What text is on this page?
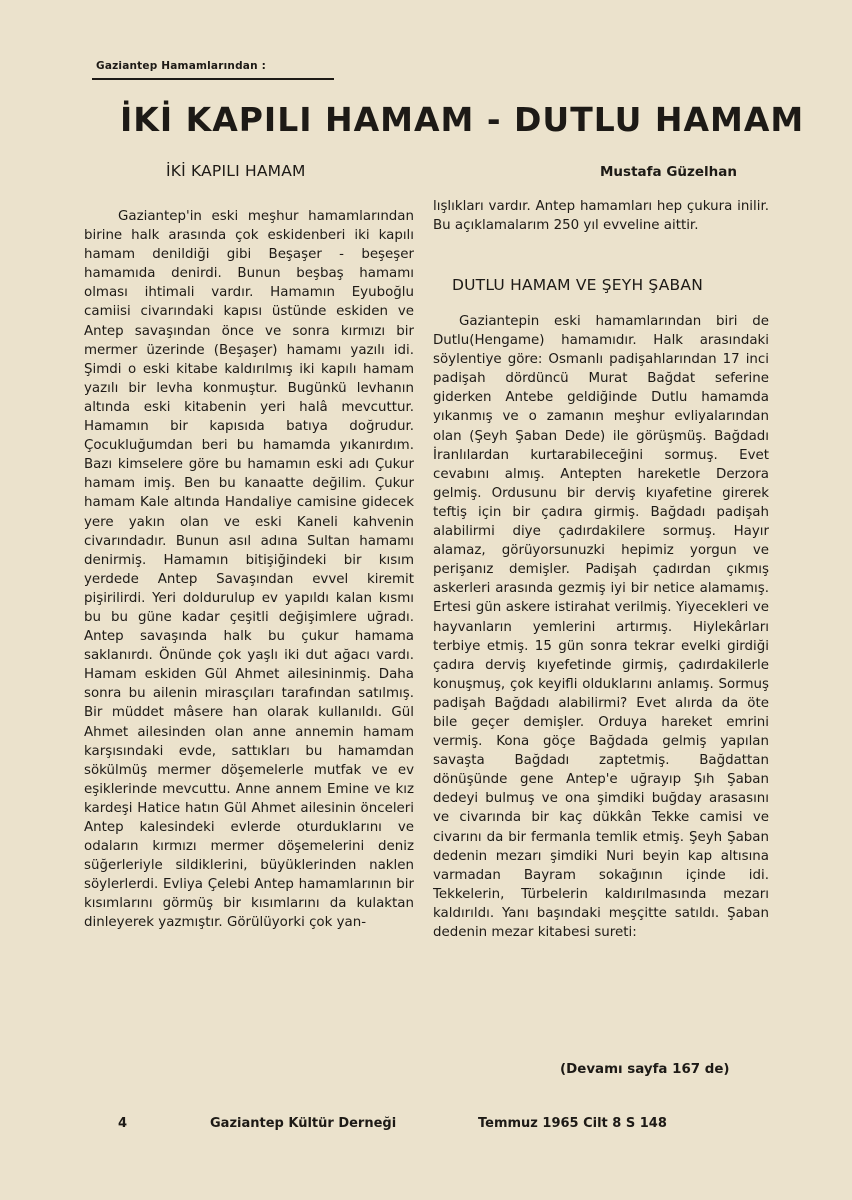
Gaziantep Hamamlarından :
İKİ KAPILI HAMAM - DUTLU HAMAM
İKİ KAPILI HAMAM	Mustafa Güzelhan

Gaziantep'in eski meşhur hamamlarından birine halk arasında çok eskidenberi iki kapılı hamam denildiği gibi Beşaşer - beşeşer hamamıda denirdi. Bunun beşbaş hamamı olması ihtimali vardır. Hamamın Eyuboğlu camiisi civarındaki kapısı üstünde eskiden ve Antep savaşından önce ve sonra kırmızı bir mermer üzerinde (Beşaşer) hamamı yazılı idi. Şimdi o eski kitabe kaldırılmış iki kapılı hamam yazılı bir levha konmuştur. Bugünkü levhanın altında eski kitabenin yeri halâ mevcuttur. Hamamın bir kapısıda batıya doğrudur. Çocukluğumdan beri bu hamamda yıkanırdım. Bazı kimselere göre bu hamamın eski adı Çukur hamam imiş. Ben bu kanaatte değilim. Çukur hamam Kale altında Handaliye camisine gidecek yere yakın olan ve eski Kaneli kahvenin civarındadır. Bunun asıl adına Sultan hamamı denirmiş. Hamamın bitişiğindeki bir kısım yerdede Antep Savaşından evvel kiremit pişirilirdi. Yeri doldurulup ev yapıldı kalan kısmı bu bu güne kadar çeşitli değişimlere uğradı. Antep savaşında halk bu çukur hamama saklanırdı. Önünde çok yaşlı iki dut ağacı vardı. Hamam eskiden Gül Ahmet ailesininmiş. Daha sonra bu ailenin mirasçıları tarafından satılmış. Bir müddet mâsere han olarak kullanıldı. Gül Ahmet ailesinden olan anne annemin hamam karşısındaki evde, sattıkları bu hamamdan sökülmüş mermer döşemelerle mutfak ve ev eşiklerinde mevcuttu. Anne annem Emine ve kız kardeşi Hatice hatın Gül Ahmet ailesinin önceleri Antep kalesindeki evlerde oturduklarını ve odaların kırmızı mermer döşemelerini deniz süğerleriyle sildiklerini, büyüklerinden naklen söylerlerdi. Evliya Çelebi Antep hamamlarının bir kısımlarını görmüş bir kısımlarını da kulaktan dinleyerek yazmıştır. Görülüyorki çok yan-

lışlıkları vardır. Antep hamamları hep çukura inilir. Bu açıklamalarım 250 yıl evveline aittir.

DUTLU HAMAM VE ŞEYH ŞABAN

Gaziantepin eski hamamlarından biri de Dutlu(Hengame) hamamıdır. Halk arasındaki söylentiye göre: Osmanlı padişahlarından 17 inci padişah dördüncü Murat Bağdat seferine giderken Antebe geldiğinde Dutlu hamamda yıkanmış ve o zamanın meşhur evliyalarından olan (Şeyh Şaban Dede) ile görüşmüş. Bağdadı İranlılardan kurtarabileceğini sormuş. Evet cevabını almış. Antepten hareketle Derzora gelmiş. Ordusunu bir derviş kıyafetine girerek teftiş için bir çadıra girmiş. Bağdadı padişah alabilirmi diye çadırdakilere sormuş. Hayır alamaz, görüyorsunuzki hepimiz yorgun ve perişanız demişler. Padişah çadırdan çıkmış askerleri arasında gezmiş iyi bir netice alamamış. Ertesi gün askere istirahat verilmiş. Yiyecekleri ve hayvanların yemlerini artırmış. Hiylekârları terbiye etmiş. 15 gün sonra tekrar evelki girdiği çadıra derviş kıyefetinde girmiş, çadırdakilerle konuşmuş, çok keyifli olduklarını anlamış. Sormuş padişah Bağdadı alabilirmi? Evet alırda da öte bile geçer demişler. Orduya hareket emrini vermiş. Kona göçe Bağdada gelmiş yapılan savaşta Bağdadı zaptetmiş. Bağdattan dönüşünde gene Antep'e uğrayıp Şıh Şaban dedeyi bulmuş ve ona şimdiki buğday arasasını ve civarında bir kaç dükkân Tekke camisi ve civarını da bir fermanla temlik etmiş. Şeyh Şaban dedenin mezarı şimdiki Nuri beyin kap altısına varmadan Bayram sokağının içinde idi. Tekkelerin, Türbelerin kaldırılmasında mezarı kaldırıldı. Yanı başındaki meşçitte satıldı. Şaban dedenin mezar kitabesi sureti:

(Devamı sayfa 167 de)
4	Gaziantep Kültür Derneği	Temmuz 1965 Cilt 8 S 148
